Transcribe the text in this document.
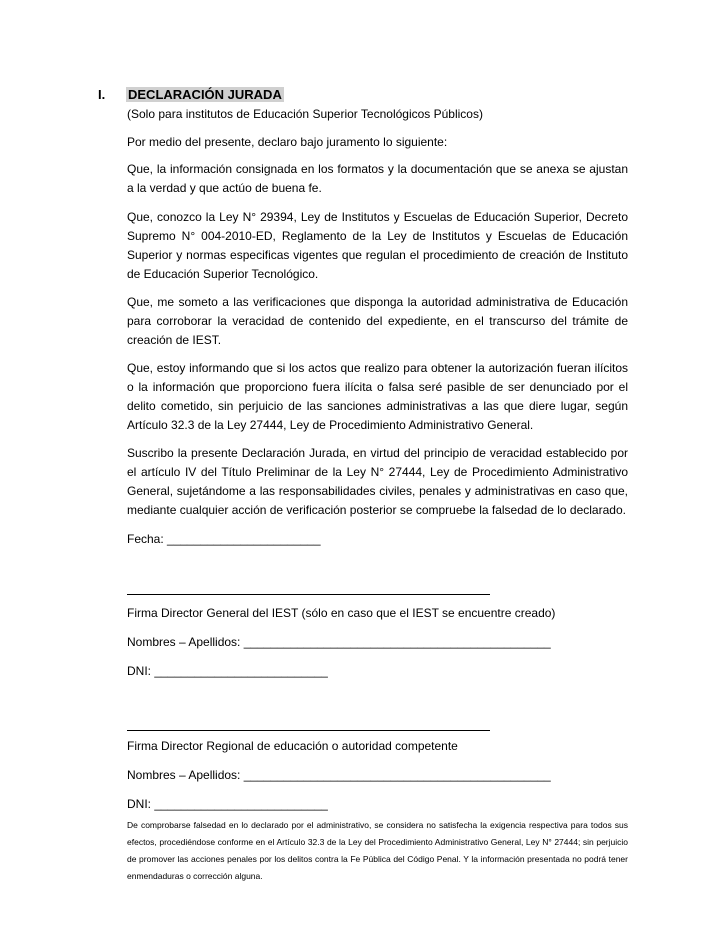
I.	DECLARACIÓN JURADA

(Solo para institutos de Educación Superior Tecnológicos Públicos)

Por medio del presente, declaro bajo juramento lo siguiente:

Que, la información consignada en los formatos y la documentación que se anexa se ajustan a la verdad y que actúo de buena fe.

Que, conozco la Ley N° 29394, Ley de Institutos y Escuelas de Educación Superior, Decreto Supremo N° 004-2010-ED, Reglamento de la Ley de Institutos y Escuelas de Educación Superior y normas especificas vigentes que regulan el procedimiento de creación de Instituto de Educación Superior Tecnológico.

Que, me someto a las verificaciones que disponga la autoridad administrativa de Educación para corroborar la veracidad de contenido del expediente, en el transcurso del trámite de creación de IEST.

Que, estoy informando que si los actos que realizo para obtener la autorización fueran ilícitos o la información que proporciono fuera ilícita o falsa seré pasible de ser denunciado por el delito cometido, sin perjuicio de las sanciones administrativas a las que diere lugar, según Artículo 32.3 de la Ley 27444, Ley de Procedimiento Administrativo General.

Suscribo la presente Declaración Jurada, en virtud del principio de veracidad establecido por el artículo IV del Título Preliminar de la Ley N° 27444, Ley de Procedimiento Administrativo General, sujetándome a las responsabilidades civiles, penales y administrativas en caso que, mediante cualquier acción de verificación posterior se compruebe la falsedad de lo declarado.

Fecha: _______________________

Firma Director General del IEST (sólo en caso que el IEST se encuentre creado)

Nombres – Apellidos: ______________________________________________

DNI: __________________________

Firma Director Regional de educación o autoridad competente

Nombres – Apellidos: ______________________________________________

DNI: __________________________

De comprobarse falsedad en lo declarado por el administrativo, se considera no satisfecha la exigencia respectiva para todos sus efectos, procediéndose conforme en el Artículo 32.3 de la Ley del Procedimiento Administrativo General, Ley N° 27444; sin perjuicio de promover las acciones penales por los delitos contra la Fe Pública del Código Penal. Y la información presentada no podrá tener enmendaduras o corrección alguna.
